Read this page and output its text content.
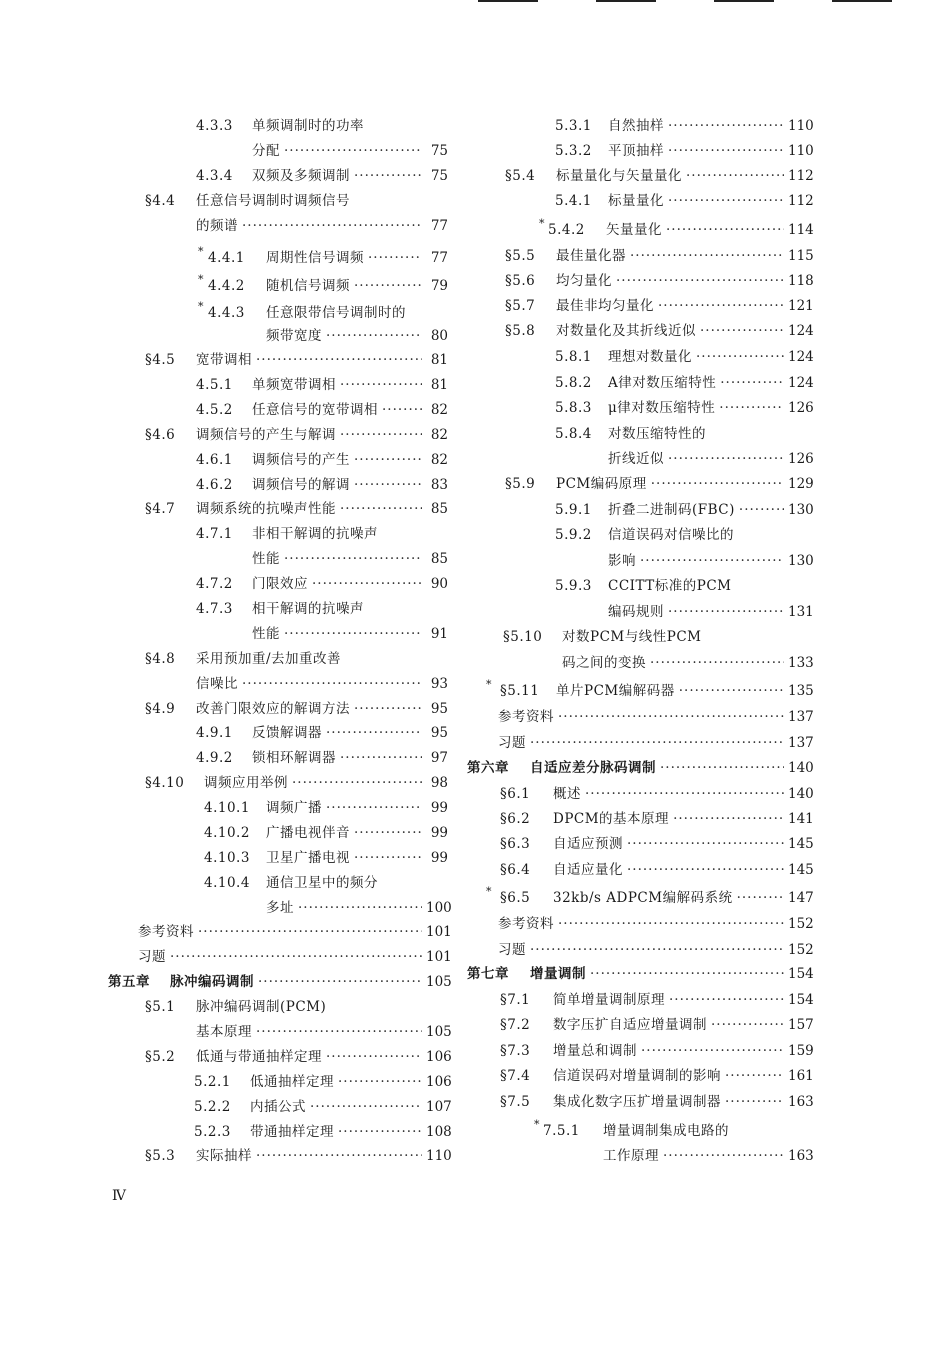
4.3.3	单频调制时的功率
分配 ·····	75
4.3.4	双频及多频调制 ·····	75
§4.4	任意信号调制时调频信号
的频谱 ·····	77
* 4.4.1	周期性信号调频 ·····	77
* 4.4.2	随机信号调频 ·····	79
* 4.4.3	任意限带信号调制时的
频带宽度 ·····	80
§4.5	宽带调相 ·····	81
4.5.1	单频宽带调相 ·····	81
4.5.2	任意信号的宽带调相 ·····	82
§4.6	调频信号的产生与解调 ·····	82
4.6.1	调频信号的产生 ·····	82
4.6.2	调频信号的解调 ·····	83
§4.7	调频系统的抗噪声性能 ·····	85
4.7.1	非相干解调的抗噪声
性能 ·····	85
4.7.2	门限效应 ·····	90
4.7.3	相干解调的抗噪声
性能 ·····	91
§4.8	采用预加重/去加重改善
信噪比 ·····	93
§4.9	改善门限效应的解调方法 ·····	95
4.9.1	反馈解调器 ·····	95
4.9.2	锁相环解调器 ·····	97
§4.10	调频应用举例 ·····	98
4.10.1	调频广播 ·····	99
4.10.2	广播电视伴音 ·····	99
4.10.3	卫星广播电视 ·····	99
4.10.4	通信卫星中的频分
多址 ·····	100
参考资料 ·····	101
习题 ·····	101
第五章	脉冲编码调制 ·····	105
§5.1	脉冲编码调制(PCM)
基本原理 ·····	105
§5.2	低通与带通抽样定理 ·····	106
5.2.1	低通抽样定理 ·····	106
5.2.2	内插公式 ·····	107
5.2.3	带通抽样定理 ·····	108
§5.3	实际抽样 ·····	110
5.3.1	自然抽样 ·····	110
5.3.2	平顶抽样 ·····	110
§5.4	标量量化与矢量量化 ·····	112
5.4.1	标量量化 ·····	112
* 5.4.2	矢量量化 ·····	114
§5.5	最佳量化器 ·····	115
§5.6	均匀量化 ·····	118
§5.7	最佳非均匀量化 ·····	121
§5.8	对数量化及其折线近似 ·····	124
5.8.1	理想对数量化 ·····	124
5.8.2	A律对数压缩特性 ·····	124
5.8.3	μ律对数压缩特性 ·····	126
5.8.4	对数压缩特性的
折线近似 ·····	126
§5.9	PCM编码原理 ·····	129
5.9.1	折叠二进制码(FBC) ·····	130
5.9.2	信道误码对信噪比的
影响 ·····	130
5.9.3	CCITT标准的PCM
编码规则 ·····	131
§5.10	对数PCM与线性PCM
码之间的变换 ·····	133
* §5.11	单片PCM编解码器 ·····	135
参考资料 ·····	137
习题 ·····	137
第六章	自适应差分脉码调制 ·····	140
§6.1	概述 ·····	140
§6.2	DPCM的基本原理 ·····	141
§6.3	自适应预测 ·····	145
§6.4	自适应量化 ·····	145
* §6.5	32kb/s ADPCM编解码系统 ·····	147
参考资料 ·····	152
习题 ·····	152
第七章	增量调制 ·····	154
§7.1	简单增量调制原理 ·····	154
§7.2	数字压扩自适应增量调制 ·····	157
§7.3	增量总和调制 ·····	159
§7.4	信道误码对增量调制的影响 ·····	161
§7.5	集成化数字压扩增量调制器 ·····	163
* 7.5.1	增量调制集成电路的
工作原理 ·····	163
Ⅳ
